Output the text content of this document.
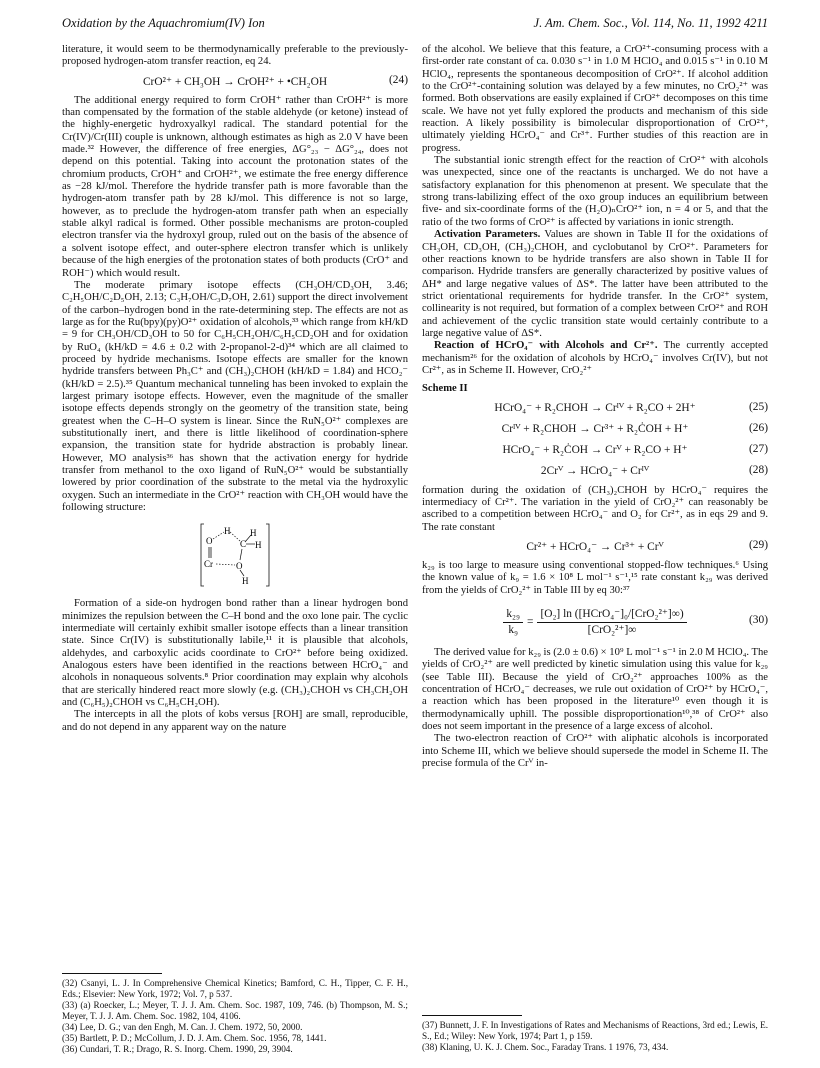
Oxidation by the Aquachromium(IV) Ion	J. Am. Chem. Soc., Vol. 114, No. 11, 1992 4211

literature, it would seem to be thermodynamically preferable to the previously-proposed hydrogen-atom transfer reaction, eq 24.

CrO²⁺ + CH₃OH → CrOH²⁺ + •CH₂OH	(24)

The additional energy required to form CrOH⁺ rather than CrOH²⁺ is more than compensated by the formation of the stable aldehyde (or ketone) instead of the highly-energetic hydroxyalkyl radical. The standard potential for the Cr(IV)/Cr(III) couple is unknown, although estimates as high as 2.0 V have been made.³² However, the difference of free energies, ΔG°₂₃ − ΔG°₂₄, does not depend on this potential. Taking into account the protonation states of the chromium products, CrOH⁺ and CrOH²⁺, we estimate the free energy difference as −28 kJ/mol. Therefore the hydride transfer path is more favorable than the hydrogen-atom transfer path by 28 kJ/mol. This difference is not so large, however, as to preclude the hydrogen-atom transfer path when an especially stable alkyl radical is formed. Other possible mechanisms are proton-coupled electron transfer via the hydroxyl group, ruled out on the basis of the absence of a solvent isotope effect, and outer-sphere electron transfer which is unlikely because of the high energies of the protonation states of both products (CrO⁺ and ROH⁻) which would result.

The moderate primary isotope effects (CH₃OH/CD₃OH, 3.46; C₂H₅OH/C₂D₅OH, 2.13; C₃H₇OH/C₃D₇OH, 2.61) support the direct involvement of the carbon–hydrogen bond in the rate-determining step. The effects are not as large as for the Ru(bpy)(py)O²⁺ oxidation of alcohols,³³ which range from kH/kD = 9 for CH₃OH/CD₃OH to 50 for C₆H₅CH₂OH/C₆H₅CD₂OH and for oxidation by RuO₄ (kH/kD = 4.6 ± 0.2 with 2-propanol-2-d)³⁴ which are all claimed to proceed by hydride mechanisms. Isotope effects are smaller for the known hydride transfers between Ph₃C⁺ and (CH₃)₂CHOH (kH/kD = 1.84) and HCO₂⁻ (kH/kD = 2.5).³⁵ Quantum mechanical tunneling has been invoked to explain the largest primary isotope effects. However, even the magnitude of the smaller isotope effects depends strongly on the geometry of the transition state, being greatest when the C–H–O system is linear. Since the RuN₅O²⁺ complexes are substitutionally inert, and there is little likelihood of coordination-sphere expansion, the transition state for hydride abstraction is probably linear. However, MO analysis³⁶ has shown that the activation energy for hydride transfer from methanol to the oxo ligand of RuN₅O²⁺ would be substantially lowered by prior coordination of the substrate to the metal via the hydroxylic oxygen. Such an intermediate in the CrO²⁺ reaction with CH₃OH would have the following structure:

O
Cr	O
H H
H
C
H

Formation of a side-on hydrogen bond rather than a linear hydrogen bond minimizes the repulsion between the C–H bond and the oxo lone pair. The cyclic intermediate will certainly exhibit smaller isotope effects than a linear transition state. Since Cr(IV) is substitutionally labile,¹¹ it is plausible that alcohols, aldehydes, and carboxylic acids coordinate to CrO²⁺ before being oxidized. Analogous esters have been identified in the reactions between HCrO₄⁻ and alcohols in nonaqueous solvents.⁸ Prior coordination may explain why alcohols that are sterically hindered react more slowly (e.g. (CH₃)₂CHOH vs CH₃CH₂OH and (C₆H₅)₂CHOH vs C₆H₅CH₂OH).

The intercepts in all the plots of kobs versus [ROH] are small, reproducible, and do not depend in any apparent way on the nature

(32) Csanyi, L. J. In Comprehensive Chemical Kinetics; Bamford, C. H., Tipper, C. F. H., Eds.; Elsevier: New York, 1972; Vol. 7, p 537.
(33) (a) Roecker, L.; Meyer, T. J. J. Am. Chem. Soc. 1987, 109, 746. (b) Thompson, M. S.; Meyer, T. J. J. Am. Chem. Soc. 1982, 104, 4106.
(34) Lee, D. G.; van den Engh, M. Can. J. Chem. 1972, 50, 2000.
(35) Bartlett, P. D.; McCollum, J. D. J. Am. Chem. Soc. 1956, 78, 1441.
(36) Cundari, T. R.; Drago, R. S. Inorg. Chem. 1990, 29, 3904.

of the alcohol. We believe that this feature, a CrO²⁺-consuming process with a first-order rate constant of ca. 0.030 s⁻¹ in 1.0 M HClO₄ and 0.015 s⁻¹ in 0.10 M HClO₄, represents the spontaneous decomposition of CrO²⁺. If alcohol addition to the CrO²⁺-containing solution was delayed by a few minutes, no CrO₂²⁺ was formed. Both observations are easily explained if CrO²⁺ decomposes on this time scale. We have not yet fully explored the products and mechanism of this side reaction. A likely possibility is bimolecular disproportionation of CrO²⁺, ultimately yielding HCrO₄⁻ and Cr³⁺. Further studies of this reaction are in progress.

The substantial ionic strength effect for the reaction of CrO²⁺ with alcohols was unexpected, since one of the reactants is uncharged. We do not have a satisfactory explanation for this phenomenon at present. We speculate that the strong trans-labilizing effect of the oxo group induces an equilibrium between five- and six-coordinate forms of the (H₂O)ₙCrO²⁺ ion, n = 4 or 5, and that the ratio of the two forms of CrO²⁺ is affected by variations in ionic strength.

Activation Parameters. Values are shown in Table II for the oxidations of CH₃OH, CD₃OH, (CH₃)₂CHOH, and cyclobutanol by CrO²⁺. Parameters for other reactions known to be hydride transfers are also shown in Table II for comparison. Hydride transfers are generally characterized by positive values of ΔH* and large negative values of ΔS*. The latter have been attributed to the strict orientational requirements for hydride transfer. In the CrO²⁺ system, collinearity is not required, but formation of a complex between CrO²⁺ and ROH and achievement of the cyclic transition state would certainly contribute to a large negative value of ΔS*.

Reaction of HCrO₄⁻ with Alcohols and Cr²⁺. The currently accepted mechanism²⁶ for the oxidation of alcohols by HCrO₄⁻ involves Cr(IV), but not Cr²⁺, as in Scheme II. However, CrO₂²⁺

Scheme II
HCrO₄⁻ + R₂CHOH → Crᴵⱽ + R₂CO + 2H⁺	(25)
Crᴵⱽ + R₂CHOH → Cr³⁺ + R₂ĊOH + H⁺	(26)
HCrO₄⁻ + R₂ĊOH → Crⱽ + R₂CO + H⁺	(27)
2Crⱽ → HCrO₄⁻ + Crᴵⱽ	(28)

formation during the oxidation of (CH₃)₂CHOH by HCrO₄⁻ requires the intermediacy of Cr²⁺. The variation in the yield of CrO₂²⁺ can reasonably be ascribed to a competition between HCrO₄⁻ and O₂ for Cr²⁺, as in eqs 29 and 9. The rate constant

Cr²⁺ + HCrO₄⁻ → Cr³⁺ + Crⱽ	(29)

k₂₉ is too large to measure using conventional stopped-flow techniques.⁶ Using the known value of k₉ = 1.6 × 10⁸ L mol⁻¹ s⁻¹,¹⁵ rate constant k₂₉ was derived from the yields of CrO₂²⁺ in Table III by eq 30:³⁷

$\frac{\text{k₂₉}}{\text{k₉}} = \frac{\text{[O₂] ln ([HCrO₄⁻]₀/[CrO₂²⁺]∞)}}{\text{[CrO₂²⁺]∞}}$	(30)

The derived value for k₂₉ is (2.0 ± 0.6) × 10⁹ L mol⁻¹ s⁻¹ in 2.0 M HClO₄. The yields of CrO₂²⁺ are well predicted by kinetic simulation using this value for k₂₉ (see Table III). Because the yield of CrO₂²⁺ approaches 100% as the concentration of HCrO₄⁻ decreases, we rule out oxidation of CrO²⁺ by HCrO₄⁻, a reaction which has been proposed in the literature¹⁰ even though it is thermodynamically uphill. The possible disproportionation¹⁰,³⁸ of CrO²⁺ also does not seem important in the presence of a large excess of alcohol.

The two-electron reaction of CrO²⁺ with aliphatic alcohols is incorporated into Scheme III, which we believe should supersede the model in Scheme II. The precise formula of the Crⱽ in-

(37) Bunnett, J. F. In Investigations of Rates and Mechanisms of Reactions, 3rd ed.; Lewis, E. S., Ed.; Wiley: New York, 1974; Part 1, p 159.
(38) Klaning, U. K. J. Chem. Soc., Faraday Trans. 1 1976, 73, 434.
